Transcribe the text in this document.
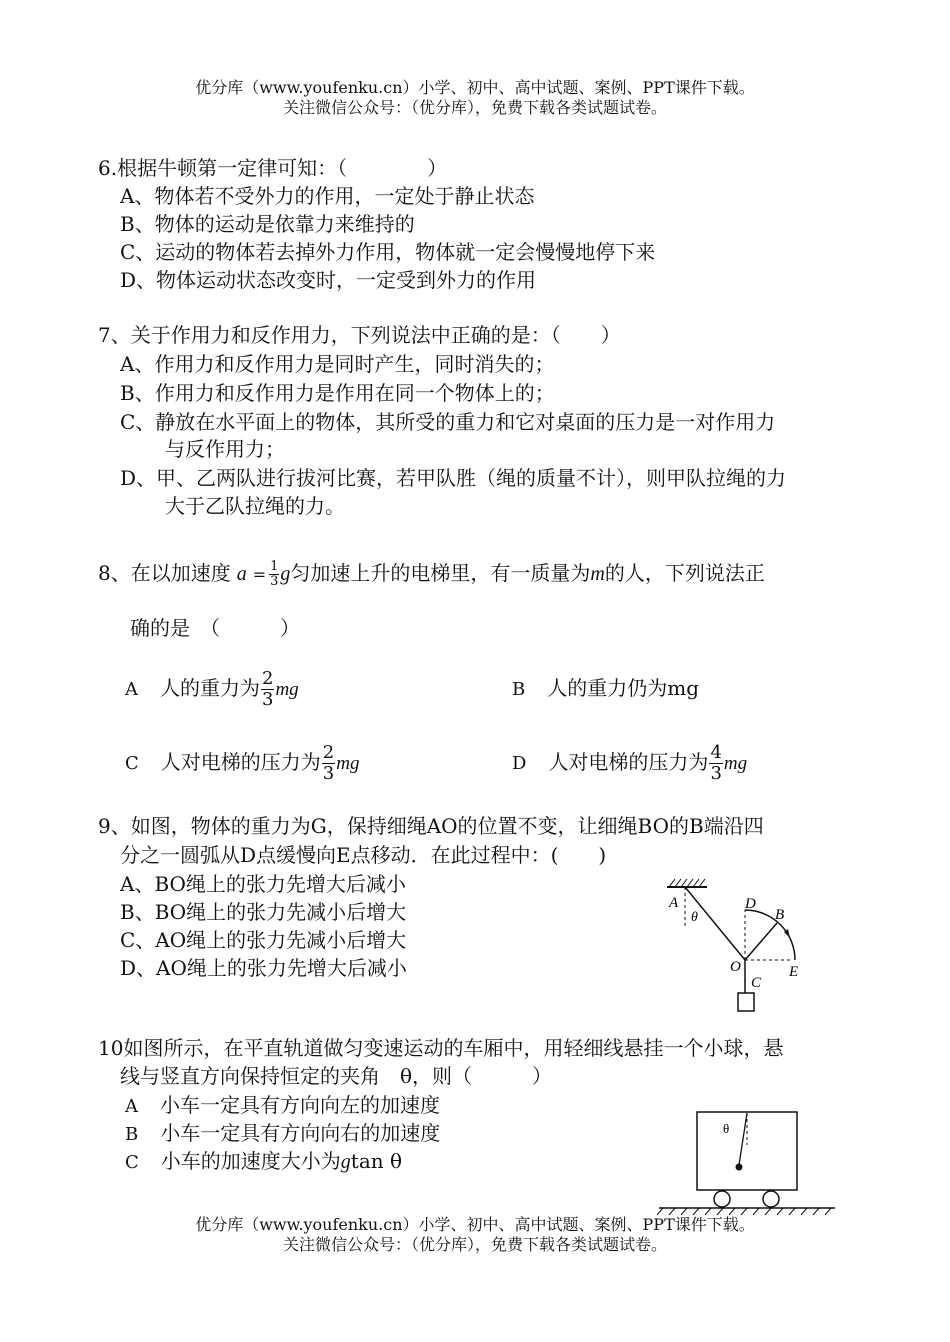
优分库（www.youfenku.cn）小学、初中、高中试题、案例、PPT课件下载。
关注微信公众号：（优分库），免费下载各类试题试卷。
6.根据牛顿第一定律可知：（　　　　）
A、物体若不受外力的作用，一定处于静止状态
B、物体的运动是依靠力来维持的
C、运动的物体若去掉外力作用，物体就一定会慢慢地停下来
D、物体运动状态改变时，一定受到外力的作用
7、关于作用力和反作用力，下列说法中正确的是：（　　）
A、作用力和反作用力是同时产生，同时消失的；
B、作用力和反作用力是作用在同一个物体上的；
C、静放在水平面上的物体，其所受的重力和它对桌面的压力是一对作用力
与反作用力；
D、甲、乙两队进行拔河比赛，若甲队胜（绳的质量不计），则甲队拉绳的力
大于乙队拉绳的力。
8、在以加速度 $a = \frac{1}{3}$ g匀加速上升的电梯里，有一质量为m的人，下列说法正
确的是　（　　　）
A 人的重力为 $\frac{2}{3}$ mg	B 人的重力仍为mg
C 人对电梯的压力为 $\frac{2}{3}$ mg	D 人对电梯的压力为 $\frac{4}{3}$ mg
9、如图，物体的重力为G，保持细绳AO的位置不变，让细绳BO的B端沿四
分之一圆弧从D点缓慢向E点移动．在此过程中：(　　)
A、BO绳上的张力先增大后减小
B、BO绳上的张力先减小后增大
C、AO绳上的张力先减小后增大
D、AO绳上的张力先增大后减小
A
θ
D
B
O
C
E
10如图所示，在平直轨道做匀变速运动的车厢中，用轻细线悬挂一个小球，悬
线与竖直方向保持恒定的夹角　θ，则（　　　）
A 小车一定具有方向向左的加速度
B 小车一定具有方向向右的加速度
C 小车的加速度大小为gtan θ
θ
优分库（www.youfenku.cn）小学、初中、高中试题、案例、PPT课件下载。
关注微信公众号：（优分库），免费下载各类试题试卷。
